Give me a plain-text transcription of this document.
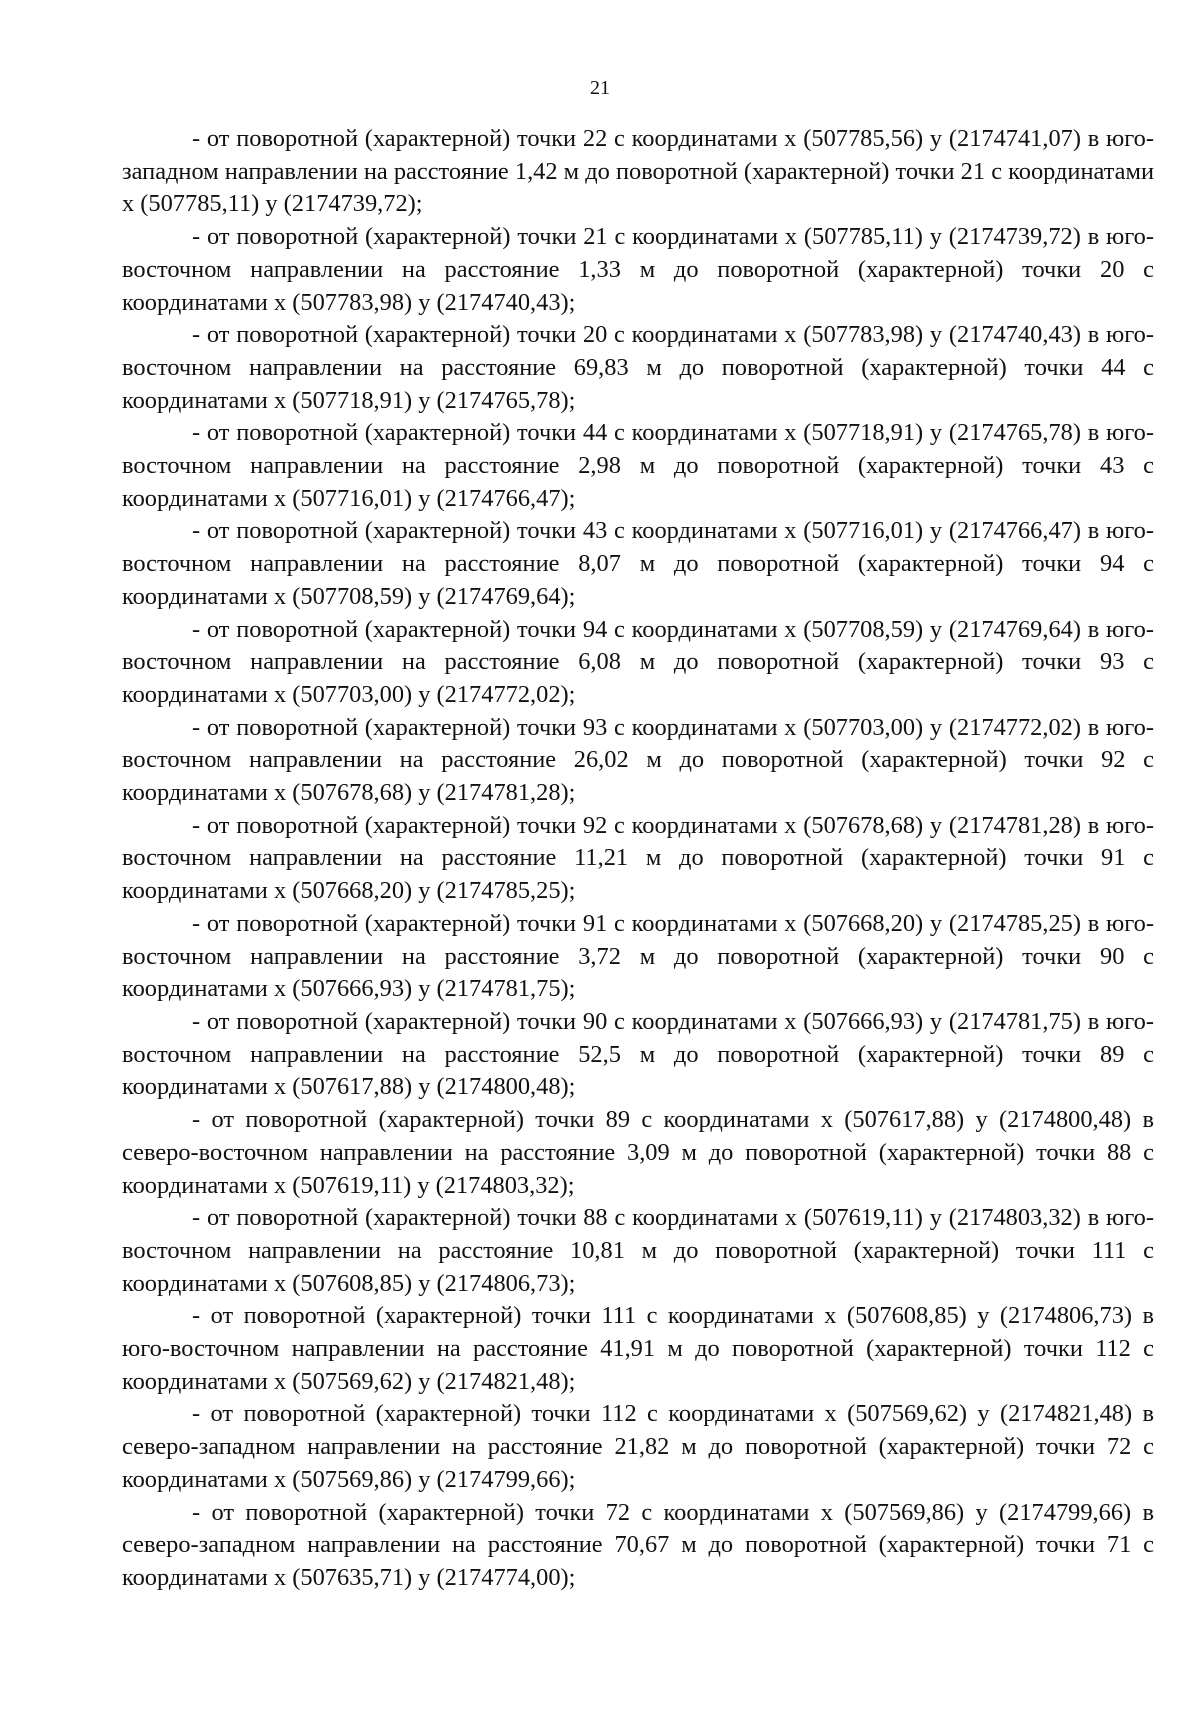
21

- от поворотной (характерной) точки 22 с координатами х (507785,56) у (2174741,07) в юго-западном направлении на расстояние 1,42 м до поворотной (характерной) точки 21 с координатами х (507785,11) у (2174739,72);

- от поворотной (характерной) точки 21 с координатами х (507785,11) у (2174739,72) в юго-восточном направлении на расстояние 1,33 м до поворотной (характерной) точки 20 с координатами х (507783,98) у (2174740,43);

- от поворотной (характерной) точки 20 с координатами х (507783,98) у (2174740,43) в юго-восточном направлении на расстояние 69,83 м до поворотной (характерной) точки 44 с координатами х (507718,91) у (2174765,78);

- от поворотной (характерной) точки 44 с координатами х (507718,91) у (2174765,78) в юго-восточном направлении на расстояние 2,98 м до поворотной (характерной) точки 43 с координатами х (507716,01) у (2174766,47);

- от поворотной (характерной) точки 43 с координатами х (507716,01) у (2174766,47) в юго-восточном направлении на расстояние 8,07 м до поворотной (характерной) точки 94 с координатами х (507708,59) у (2174769,64);

- от поворотной (характерной) точки 94 с координатами х (507708,59) у (2174769,64) в юго-восточном направлении на расстояние 6,08 м до поворотной (характерной) точки 93 с координатами х (507703,00) у (2174772,02);

- от поворотной (характерной) точки 93 с координатами х (507703,00) у (2174772,02) в юго-восточном направлении на расстояние 26,02 м до поворотной (характерной) точки 92 с координатами х (507678,68) у (2174781,28);

- от поворотной (характерной) точки 92 с координатами х (507678,68) у (2174781,28) в юго-восточном направлении на расстояние 11,21 м до поворотной (характерной) точки 91 с координатами х (507668,20) у (2174785,25);

- от поворотной (характерной) точки 91 с координатами х (507668,20) у (2174785,25) в юго-восточном направлении на расстояние 3,72 м до поворотной (характерной) точки 90 с координатами х (507666,93) у (2174781,75);

- от поворотной (характерной) точки 90 с координатами х (507666,93) у (2174781,75) в юго-восточном направлении на расстояние 52,5 м до поворотной (характерной) точки 89 с координатами х (507617,88) у (2174800,48);

- от поворотной (характерной) точки 89 с координатами х (507617,88) у (2174800,48) в северо-восточном направлении на расстояние 3,09 м до поворотной (характерной) точки 88 с координатами х (507619,11) у (2174803,32);

- от поворотной (характерной) точки 88 с координатами х (507619,11) у (2174803,32) в юго-восточном направлении на расстояние 10,81 м до поворотной (характерной) точки 111 с координатами х (507608,85) у (2174806,73);

- от поворотной (характерной) точки 111 с координатами х (507608,85) у (2174806,73) в юго-восточном направлении на расстояние 41,91 м до поворотной (характерной) точки 112 с координатами х (507569,62) у (2174821,48);

- от поворотной (характерной) точки 112 с координатами х (507569,62) у (2174821,48) в северо-западном направлении на расстояние 21,82 м до поворотной (характерной) точки 72 с координатами х (507569,86) у (2174799,66);

- от поворотной (характерной) точки 72 с координатами х (507569,86) у (2174799,66) в северо-западном направлении на расстояние 70,67 м до поворотной (характерной) точки 71 с координатами х (507635,71) у (2174774,00);
